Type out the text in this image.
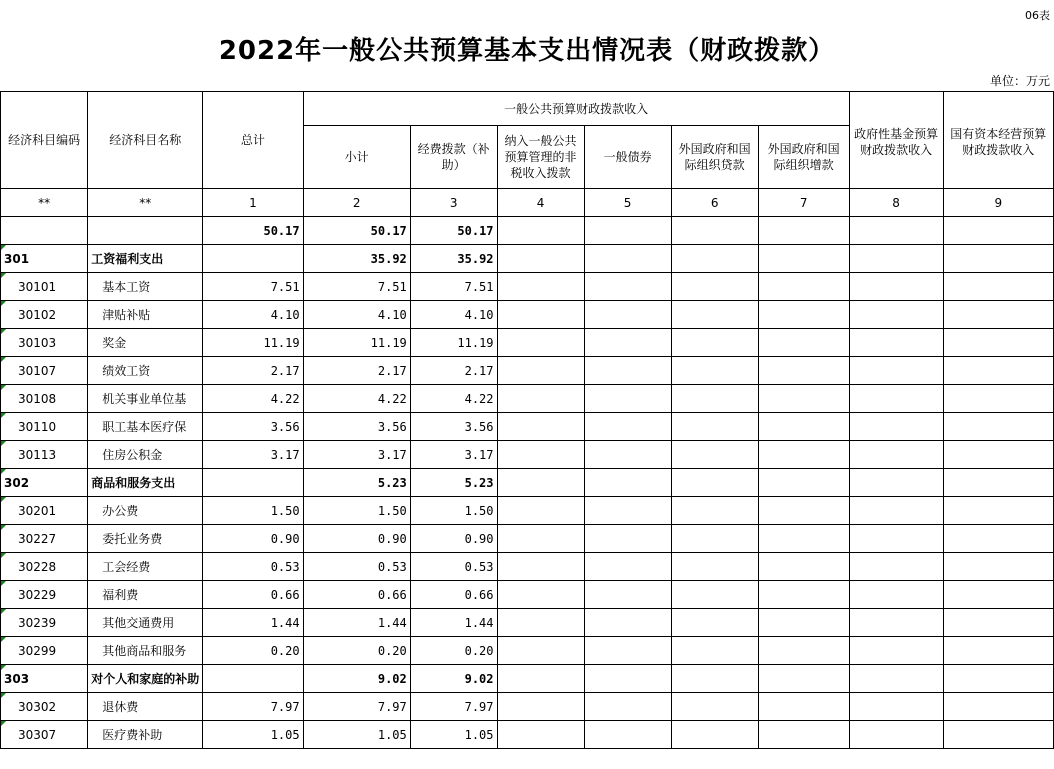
06表
2022年一般公共预算基本支出情况表（财政拨款）
单位：万元
经济科目编码	经济科目名称	总计	一般公共预算财政拨款收入						政府性基金预算财政拨款收入	国有资本经营预算财政拨款收入
			小计	经费拨款（补助）	纳入一般公共预算管理的非税收入拨款	一般债券	外国政府和国际组织贷款	外国政府和国际组织增款		
**	**	1	2	3	4	5	6	7	8	9
		50.17	50.17	50.17						

301	工资福利支出		35.92	35.92						

30101	基本工资	7.51	7.51	7.51						

30102	津贴补贴	4.10	4.10	4.10						

30103	奖金	11.19	11.19	11.19						

30107	绩效工资	2.17	2.17	2.17						

30108	机关事业单位基	4.22	4.22	4.22						

30110	职工基本医疗保	3.56	3.56	3.56						

30113	住房公积金	3.17	3.17	3.17						

302	商品和服务支出		5.23	5.23						

30201	办公费	1.50	1.50	1.50						

30227	委托业务费	0.90	0.90	0.90						

30228	工会经费	0.53	0.53	0.53						

30229	福利费	0.66	0.66	0.66						

30239	其他交通费用	1.44	1.44	1.44						

30299	其他商品和服务	0.20	0.20	0.20						

303	对个人和家庭的补助		9.02	9.02						

30302	退休费	7.97	7.97	7.97						

30307	医疗费补助	1.05	1.05	1.05						
